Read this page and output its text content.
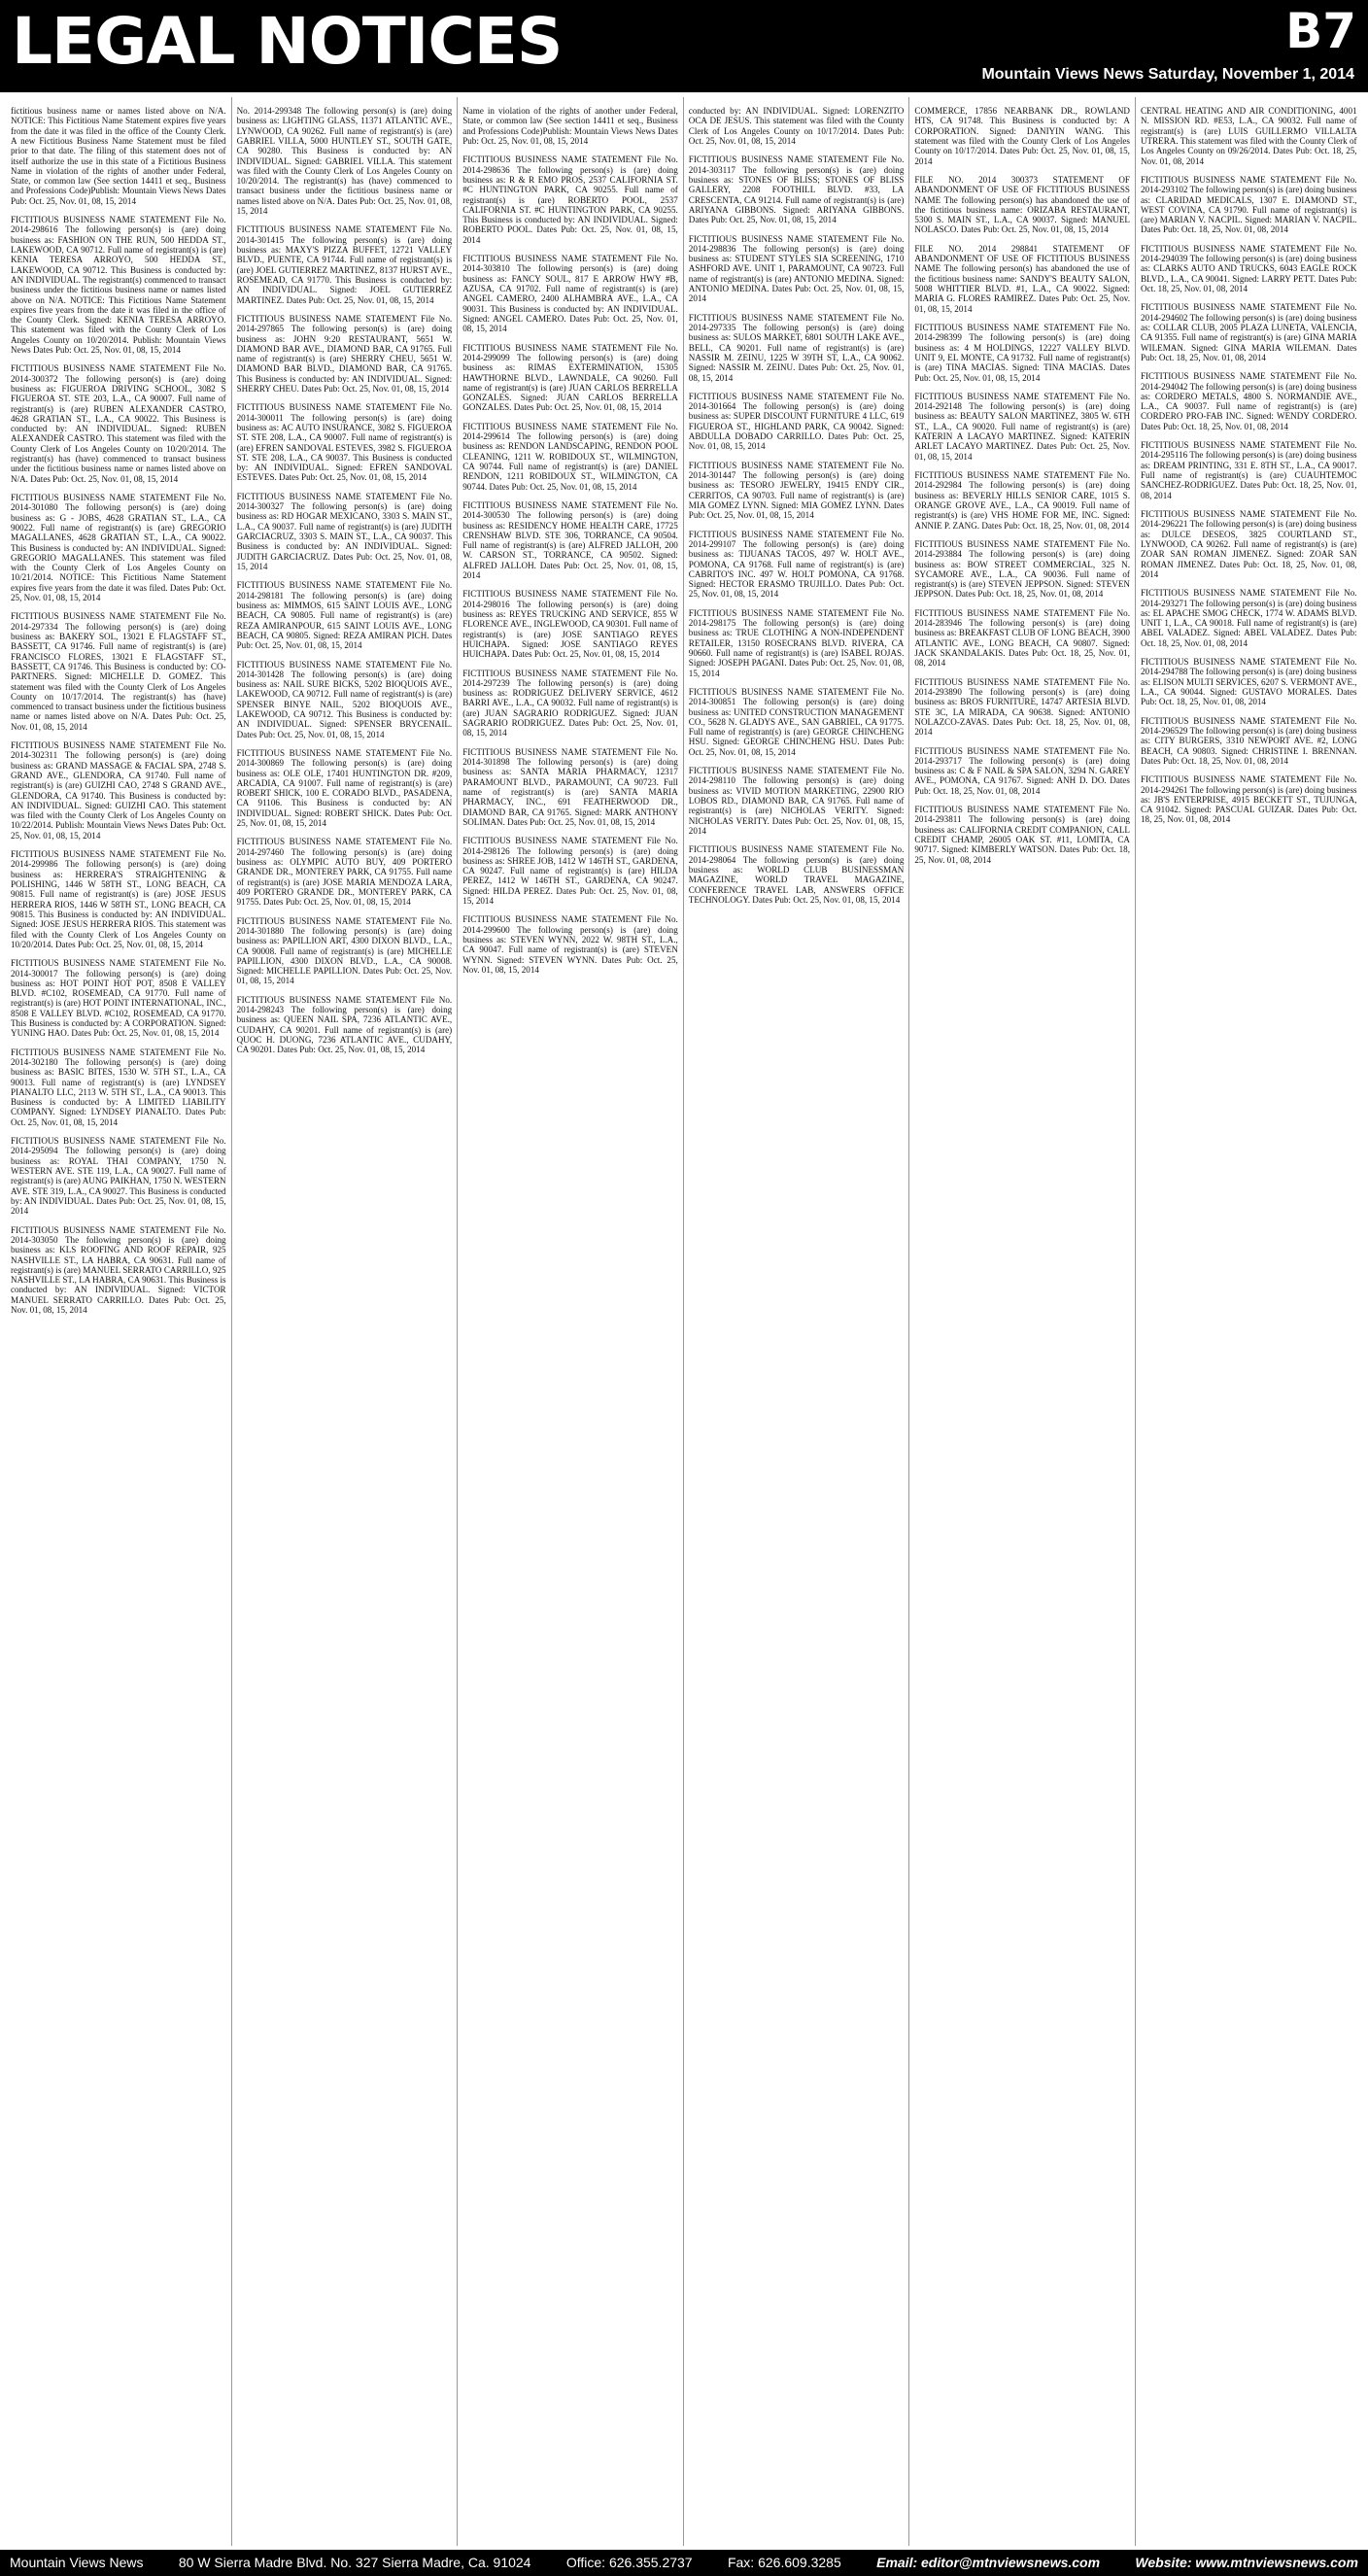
LEGAL NOTICES	B7
Mountain Views News Saturday, November 1, 2014

fictitious business name or names listed above on N/A. NOTICE: This Fictitious Name Statement expires five years from the date it was filed in the office of the County Clerk. A new Fictitious Business Name Statement must be filed prior to that date. The filing of this statement does not of itself authorize the use in this state of a Fictitious Business Name in violation of the rights of another under Federal, State, or common law (See section 14411 et seq., Business and Professions Code)Publish: Mountain Views News Dates Pub: Oct. 25, Nov. 01, 08, 15, 2014

FICTITIOUS BUSINESS NAME STATEMENT File No. 2014-298616 The following person(s) is (are) doing business as: FASHION ON THE RUN, 500 HEDDA ST., LAKEWOOD, CA 90712. Full name of registrant(s) is (are) KENIA TERESA ARROYO, 500 HEDDA ST., LAKEWOOD, CA 90712. This Business is conducted by: AN INDIVIDUAL. The registrant(s) commenced to transact business under the fictitious business name or names listed above on N/A. NOTICE: This Fictitious Name Statement expires five years from the date it was filed in the office of the County Clerk. Signed: KENIA TERESA ARROYO. This statement was filed with the County Clerk of Los Angeles County on 10/20/2014. Publish: Mountain Views News Dates Pub: Oct. 25, Nov. 01, 08, 15, 2014

FICTITIOUS BUSINESS NAME STATEMENT File No. 2014-300372 The following person(s) is (are) doing business as: FIGUEROA DRIVING SCHOOL, 3082 S FIGUEROA ST. STE 203, L.A., CA 90007. Full name of registrant(s) is (are) RUBEN ALEXANDER CASTRO, 4628 GRATIAN ST., L.A., CA 90022. This Business is conducted by: AN INDIVIDUAL. Signed: RUBEN ALEXANDER CASTRO. This statement was filed with the County Clerk of Los Angeles County on 10/20/2014. The registrant(s) has (have) commenced to transact business under the fictitious business name or names listed above on N/A. Dates Pub: Oct. 25, Nov. 01, 08, 15, 2014

FICTITIOUS BUSINESS NAME STATEMENT File No. 2014-301080 The following person(s) is (are) doing business as: G - JOBS, 4628 GRATIAN ST., L.A., CA 90022. Full name of registrant(s) is (are) GREGORIO MAGALLANES, 4628 GRATIAN ST., L.A., CA 90022. This Business is conducted by: AN INDIVIDUAL. Signed: GREGORIO MAGALLANES. This statement was filed with the County Clerk of Los Angeles County on 10/21/2014. NOTICE: This Fictitious Name Statement expires five years from the date it was filed. Dates Pub: Oct. 25, Nov. 01, 08, 15, 2014

FICTITIOUS BUSINESS NAME STATEMENT File No. 2014-297334 The following person(s) is (are) doing business as: BAKERY SOL, 13021 E FLAGSTAFF ST., BASSETT, CA 91746. Full name of registrant(s) is (are) FRANCISCO FLORES, 13021 E FLAGSTAFF ST., BASSETT, CA 91746. This Business is conducted by: CO-PARTNERS. Signed: MICHELLE D. GOMEZ. This statement was filed with the County Clerk of Los Angeles County on 10/17/2014. The registrant(s) has (have) commenced to transact business under the fictitious business name or names listed above on N/A. Dates Pub: Oct. 25, Nov. 01, 08, 15, 2014

FICTITIOUS BUSINESS NAME STATEMENT File No. 2014-302311 The following person(s) is (are) doing business as: GRAND MASSAGE & FACIAL SPA, 2748 S. GRAND AVE., GLENDORA, CA 91740. Full name of registrant(s) is (are) GUIZHI CAO, 2748 S GRAND AVE., GLENDORA, CA 91740. This Business is conducted by: AN INDIVIDUAL. Signed: GUIZHI CAO. This statement was filed with the County Clerk of Los Angeles County on 10/22/2014. Publish: Mountain Views News Dates Pub: Oct. 25, Nov. 01, 08, 15, 2014

FICTITIOUS BUSINESS NAME STATEMENT File No. 2014-299986 The following person(s) is (are) doing business as: HERRERA'S STRAIGHTENING & POLISHING, 1446 W 58TH ST., LONG BEACH, CA 90815. Full name of registrant(s) is (are) JOSE JESUS HERRERA RIOS, 1446 W 58TH ST., LONG BEACH, CA 90815. This Business is conducted by: AN INDIVIDUAL. Signed: JOSE JESUS HERRERA RIOS. This statement was filed with the County Clerk of Los Angeles County on 10/20/2014. Dates Pub: Oct. 25, Nov. 01, 08, 15, 2014

FICTITIOUS BUSINESS NAME STATEMENT File No. 2014-300017 The following person(s) is (are) doing business as: HOT POINT HOT POT, 8508 E VALLEY BLVD. #C102, ROSEMEAD, CA 91770. Full name of registrant(s) is (are) HOT POINT INTERNATIONAL, INC., 8508 E VALLEY BLVD. #C102, ROSEMEAD, CA 91770. This Business is conducted by: A CORPORATION. Signed: YUNING HAO. Dates Pub: Oct. 25, Nov. 01, 08, 15, 2014

FICTITIOUS BUSINESS NAME STATEMENT File No. 2014-302180 The following person(s) is (are) doing business as: BASIC BITES, 1530 W. 5TH ST., L.A., CA 90013. Full name of registrant(s) is (are) LYNDSEY PIANALTO LLC, 2113 W. 5TH ST., L.A., CA 90013. This Business is conducted by: A LIMITED LIABILITY COMPANY. Signed: LYNDSEY PIANALTO. Dates Pub: Oct. 25, Nov. 01, 08, 15, 2014

FICTITIOUS BUSINESS NAME STATEMENT File No. 2014-295094 The following person(s) is (are) doing business as: ROYAL THAI COMPANY, 1750 N. WESTERN AVE. STE 119, L.A., CA 90027. Full name of registrant(s) is (are) AUNG PAIKHAN, 1750 N. WESTERN AVE. STE 319, L.A., CA 90027. This Business is conducted by: AN INDIVIDUAL. Dates Pub: Oct. 25, Nov. 01, 08, 15, 2014

FICTITIOUS BUSINESS NAME STATEMENT File No. 2014-303050 The following person(s) is (are) doing business as: KLS ROOFING AND ROOF REPAIR, 925 NASHVILLE ST., LA HABRA, CA 90631. Full name of registrant(s) is (are) MANUEL SERRATO CARRILLO, 925 NASHVILLE ST., LA HABRA, CA 90631. This Business is conducted by: AN INDIVIDUAL. Signed: VICTOR MANUEL SERRATO CARRILLO. Dates Pub: Oct. 25, Nov. 01, 08, 15, 2014

No. 2014-299348 The following person(s) is (are) doing business as: LIGHTING GLASS, 11371 ATLANTIC AVE., LYNWOOD, CA 90262. Full name of registrant(s) is (are) GABRIEL VILLA, 5000 HUNTLEY ST., SOUTH GATE, CA 90280. This Business is conducted by: AN INDIVIDUAL. Signed: GABRIEL VILLA. This statement was filed with the County Clerk of Los Angeles County on 10/20/2014. The registrant(s) has (have) commenced to transact business under the fictitious business name or names listed above on N/A. Dates Pub: Oct. 25, Nov. 01, 08, 15, 2014

FICTITIOUS BUSINESS NAME STATEMENT File No. 2014-301415 The following person(s) is (are) doing business as: MAXY'S PIZZA BUFFET, 12721 VALLEY BLVD., PUENTE, CA 91744. Full name of registrant(s) is (are) JOEL GUTIERREZ MARTINEZ, 8137 HURST AVE., ROSEMEAD, CA 91770. This Business is conducted by: AN INDIVIDUAL. Signed: JOEL GUTIERREZ MARTINEZ. Dates Pub: Oct. 25, Nov. 01, 08, 15, 2014

FICTITIOUS BUSINESS NAME STATEMENT File No. 2014-297865 The following person(s) is (are) doing business as: JOHN 9:20 RESTAURANT, 5651 W. DIAMOND BAR AVE., DIAMOND BAR, CA 91765. Full name of registrant(s) is (are) SHERRY CHEU, 5651 W. DIAMOND BAR BLVD., DIAMOND BAR, CA 91765. This Business is conducted by: AN INDIVIDUAL. Signed: SHERRY CHEU. Dates Pub: Oct. 25, Nov. 01, 08, 15, 2014

FICTITIOUS BUSINESS NAME STATEMENT File No. 2014-300011 The following person(s) is (are) doing business as: AC AUTO INSURANCE, 3082 S. FIGUEROA ST. STE 208, L.A., CA 90007. Full name of registrant(s) is (are) EFREN SANDOVAL ESTEVES, 3982 S. FIGUEROA ST. STE 208, L.A., CA 90037. This Business is conducted by: AN INDIVIDUAL. Signed: EFREN SANDOVAL ESTEVES. Dates Pub: Oct. 25, Nov. 01, 08, 15, 2014

FICTITIOUS BUSINESS NAME STATEMENT File No. 2014-300327 The following person(s) is (are) doing business as: RD HOGAR MEXICANO, 3303 S. MAIN ST., L.A., CA 90037. Full name of registrant(s) is (are) JUDITH GARCIACRUZ, 3303 S. MAIN ST., L.A., CA 90037. This Business is conducted by: AN INDIVIDUAL. Signed: JUDITH GARCIACRUZ. Dates Pub: Oct. 25, Nov. 01, 08, 15, 2014

FICTITIOUS BUSINESS NAME STATEMENT File No. 2014-298181 The following person(s) is (are) doing business as: MIMMOS, 615 SAINT LOUIS AVE., LONG BEACH, CA 90805. Full name of registrant(s) is (are) REZA AMIRANPOUR, 615 SAINT LOUIS AVE., LONG BEACH, CA 90805. Signed: REZA AMIRAN PICH. Dates Pub: Oct. 25, Nov. 01, 08, 15, 2014

FICTITIOUS BUSINESS NAME STATEMENT File No. 2014-301428 The following person(s) is (are) doing business as: NAIL SURE BICKS, 5202 BIOQUOIS AVE., LAKEWOOD, CA 90712. Full name of registrant(s) is (are) SPENSER BINYE NAIL, 5202 BIOQUOIS AVE., LAKEWOOD, CA 90712. This Business is conducted by: AN INDIVIDUAL. Signed: SPENSER BRYCENAIL. Dates Pub: Oct. 25, Nov. 01, 08, 15, 2014

FICTITIOUS BUSINESS NAME STATEMENT File No. 2014-300869 The following person(s) is (are) doing business as: OLE OLE, 17401 HUNTINGTON DR. #209, ARCADIA, CA 91007. Full name of registrant(s) is (are) ROBERT SHICK, 100 E. CORADO BLVD., PASADENA, CA 91106. This Business is conducted by: AN INDIVIDUAL. Signed: ROBERT SHICK. Dates Pub: Oct. 25, Nov. 01, 08, 15, 2014

FICTITIOUS BUSINESS NAME STATEMENT File No. 2014-297460 The following person(s) is (are) doing business as: OLYMPIC AUTO BUY, 409 PORTERO GRANDE DR., MONTEREY PARK, CA 91755. Full name of registrant(s) is (are) JOSE MARIA MENDOZA LARA, 409 PORTERO GRANDE DR., MONTEREY PARK, CA 91755. Dates Pub: Oct. 25, Nov. 01, 08, 15, 2014

FICTITIOUS BUSINESS NAME STATEMENT File No. 2014-301880 The following person(s) is (are) doing business as: PAPILLION ART, 4300 DIXON BLVD., L.A., CA 90008. Full name of registrant(s) is (are) MICHELLE PAPILLION, 4300 DIXON BLVD., L.A., CA 90008. Signed: MICHELLE PAPILLION. Dates Pub: Oct. 25, Nov. 01, 08, 15, 2014

FICTITIOUS BUSINESS NAME STATEMENT File No. 2014-298243 The following person(s) is (are) doing business as: QUEEN NAIL SPA, 7236 ATLANTIC AVE., CUDAHY, CA 90201. Full name of registrant(s) is (are) QUOC H. DUONG, 7236 ATLANTIC AVE., CUDAHY, CA 90201. Dates Pub: Oct. 25, Nov. 01, 08, 15, 2014

Name in violation of the rights of another under Federal, State, or common law (See section 14411 et seq., Business and Professions Code)Publish: Mountain Views News Dates Pub: Oct. 25, Nov. 01, 08, 15, 2014

FICTITIOUS BUSINESS NAME STATEMENT File No. 2014-298636 The following person(s) is (are) doing business as: R & R EMO PROS, 2537 CALIFORNIA ST. #C HUNTINGTON PARK, CA 90255. Full name of registrant(s) is (are) ROBERTO POOL, 2537 CALIFORNIA ST. #C HUNTINGTON PARK, CA 90255. This Business is conducted by: AN INDIVIDUAL. Signed: ROBERTO POOL. Dates Pub: Oct. 25, Nov. 01, 08, 15, 2014

FICTITIOUS BUSINESS NAME STATEMENT File No. 2014-303810 The following person(s) is (are) doing business as: FANCY SOUL, 817 E ARROW HWY #B, AZUSA, CA 91702. Full name of registrant(s) is (are) ANGEL CAMERO, 2400 ALHAMBRA AVE., L.A., CA 90031. This Business is conducted by: AN INDIVIDUAL. Signed: ANGEL CAMERO. Dates Pub: Oct. 25, Nov. 01, 08, 15, 2014

FICTITIOUS BUSINESS NAME STATEMENT File No. 2014-299099 The following person(s) is (are) doing business as: RIMAS EXTERMINATION, 15305 HAWTHORNE BLVD., LAWNDALE, CA 90260. Full name of registrant(s) is (are) JUAN CARLOS BERRELLA GONZALES. Signed: JUAN CARLOS BERRELLA GONZALES. Dates Pub: Oct. 25, Nov. 01, 08, 15, 2014

FICTITIOUS BUSINESS NAME STATEMENT File No. 2014-299614 The following person(s) is (are) doing business as: RENDON LANDSCAPING, RENDON POOL CLEANING, 1211 W. ROBIDOUX ST., WILMINGTON, CA 90744. Full name of registrant(s) is (are) DANIEL RENDON, 1211 ROBIDOUX ST., WILMINGTON, CA 90744. Dates Pub: Oct. 25, Nov. 01, 08, 15, 2014

FICTITIOUS BUSINESS NAME STATEMENT File No. 2014-300530 The following person(s) is (are) doing business as: RESIDENCY HOME HEALTH CARE, 17725 CRENSHAW BLVD. STE 306, TORRANCE, CA 90504. Full name of registrant(s) is (are) ALFRED JALLOH, 200 W. CARSON ST., TORRANCE, CA 90502. Signed: ALFRED JALLOH. Dates Pub: Oct. 25, Nov. 01, 08, 15, 2014

FICTITIOUS BUSINESS NAME STATEMENT File No. 2014-298016 The following person(s) is (are) doing business as: REYES TRUCKING AND SERVICE, 855 W FLORENCE AVE., INGLEWOOD, CA 90301. Full name of registrant(s) is (are) JOSE SANTIAGO REYES HUICHAPA. Signed: JOSE SANTIAGO REYES HUICHAPA. Dates Pub: Oct. 25, Nov. 01, 08, 15, 2014

FICTITIOUS BUSINESS NAME STATEMENT File No. 2014-297239 The following person(s) is (are) doing business as: RODRIGUEZ DELIVERY SERVICE, 4612 BARRI AVE., L.A., CA 90032. Full name of registrant(s) is (are) JUAN SAGRARIO RODRIGUEZ. Signed: JUAN SAGRARIO RODRIGUEZ. Dates Pub: Oct. 25, Nov. 01, 08, 15, 2014

FICTITIOUS BUSINESS NAME STATEMENT File No. 2014-301898 The following person(s) is (are) doing business as: SANTA MARIA PHARMACY, 12317 PARAMOUNT BLVD., PARAMOUNT, CA 90723. Full name of registrant(s) is (are) SANTA MARIA PHARMACY, INC., 691 FEATHERWOOD DR., DIAMOND BAR, CA 91765. Signed: MARK ANTHONY SOLIMAN. Dates Pub: Oct. 25, Nov. 01, 08, 15, 2014

FICTITIOUS BUSINESS NAME STATEMENT File No. 2014-298126 The following person(s) is (are) doing business as: SHREE JOB, 1412 W 146TH ST., GARDENA, CA 90247. Full name of registrant(s) is (are) HILDA PEREZ, 1412 W 146TH ST., GARDENA, CA 90247. Signed: HILDA PEREZ. Dates Pub: Oct. 25, Nov. 01, 08, 15, 2014

FICTITIOUS BUSINESS NAME STATEMENT File No. 2014-299600 The following person(s) is (are) doing business as: STEVEN WYNN, 2022 W. 98TH ST., L.A., CA 90047. Full name of registrant(s) is (are) STEVEN WYNN. Signed: STEVEN WYNN. Dates Pub: Oct. 25, Nov. 01, 08, 15, 2014

conducted by: AN INDIVIDUAL. Signed: LORENZITO OCA DE JESUS. This statement was filed with the County Clerk of Los Angeles County on 10/17/2014. Dates Pub: Oct. 25, Nov. 01, 08, 15, 2014

FICTITIOUS BUSINESS NAME STATEMENT File No. 2014-303117 The following person(s) is (are) doing business as: STONES OF BLISS; STONES OF BLISS GALLERY, 2208 FOOTHILL BLVD. #33, LA CRESCENTA, CA 91214. Full name of registrant(s) is (are) ARIYANA GIBBONS. Signed: ARIYANA GIBBONS. Dates Pub: Oct. 25, Nov. 01, 08, 15, 2014

FICTITIOUS BUSINESS NAME STATEMENT File No. 2014-298836 The following person(s) is (are) doing business as: STUDENT STYLES SIA SCREENING, 1710 ASHFORD AVE. UNIT 1, PARAMOUNT, CA 90723. Full name of registrant(s) is (are) ANTONIO MEDINA. Signed: ANTONIO MEDINA. Dates Pub: Oct. 25, Nov. 01, 08, 15, 2014

FICTITIOUS BUSINESS NAME STATEMENT File No. 2014-297335 The following person(s) is (are) doing business as: SULOS MARKET, 6801 SOUTH LAKE AVE., BELL, CA 90201. Full name of registrant(s) is (are) NASSIR M. ZEINU, 1225 W 39TH ST, L.A., CA 90062. Signed: NASSIR M. ZEINU. Dates Pub: Oct. 25, Nov. 01, 08, 15, 2014

FICTITIOUS BUSINESS NAME STATEMENT File No. 2014-301664 The following person(s) is (are) doing business as: SUPER DISCOUNT FURNITURE 4 LLC, 619 FIGUEROA ST., HIGHLAND PARK, CA 90042. Signed: ABDULLA DOBADO CARRILLO. Dates Pub: Oct. 25, Nov. 01, 08, 15, 2014

FICTITIOUS BUSINESS NAME STATEMENT File No. 2014-301447 The following person(s) is (are) doing business as: TESORO JEWELRY, 19415 ENDY CIR., CERRITOS, CA 90703. Full name of registrant(s) is (are) MIA GOMEZ LYNN. Signed: MIA GOMEZ LYNN. Dates Pub: Oct. 25, Nov. 01, 08, 15, 2014

FICTITIOUS BUSINESS NAME STATEMENT File No. 2014-299107 The following person(s) is (are) doing business as: TIJUANAS TACOS, 497 W. HOLT AVE., POMONA, CA 91768. Full name of registrant(s) is (are) CABRITO'S INC. 497 W. HOLT POMONA, CA 91768. Signed: HECTOR ERASMO TRUJILLO. Dates Pub: Oct. 25, Nov. 01, 08, 15, 2014

FICTITIOUS BUSINESS NAME STATEMENT File No. 2014-298175 The following person(s) is (are) doing business as: TRUE CLOTHING A NON-INDEPENDENT RETAILER, 13150 ROSECRANS BLVD. RIVERA, CA 90660. Full name of registrant(s) is (are) ISABEL ROJAS. Signed: JOSEPH PAGANI. Dates Pub: Oct. 25, Nov. 01, 08, 15, 2014

FICTITIOUS BUSINESS NAME STATEMENT File No. 2014-300851 The following person(s) is (are) doing business as: UNITED CONSTRUCTION MANAGEMENT CO., 5628 N. GLADYS AVE., SAN GABRIEL, CA 91775. Full name of registrant(s) is (are) GEORGE CHINCHENG HSU. Signed: GEORGE CHINCHENG HSU. Dates Pub: Oct. 25, Nov. 01, 08, 15, 2014

FICTITIOUS BUSINESS NAME STATEMENT File No. 2014-298110 The following person(s) is (are) doing business as: VIVID MOTION MARKETING, 22900 RIO LOBOS RD., DIAMOND BAR, CA 91765. Full name of registrant(s) is (are) NICHOLAS VERITY. Signed: NICHOLAS VERITY. Dates Pub: Oct. 25, Nov. 01, 08, 15, 2014

FICTITIOUS BUSINESS NAME STATEMENT File No. 2014-298064 The following person(s) is (are) doing business as: WORLD CLUB BUSINESSMAN MAGAZINE, WORLD TRAVEL MAGAZINE, CONFERENCE TRAVEL LAB, ANSWERS OFFICE TECHNOLOGY. Dates Pub: Oct. 25, Nov. 01, 08, 15, 2014

COMMERCE, 17856 NEARBANK DR., ROWLAND HTS, CA 91748. This Business is conducted by: A CORPORATION. Signed: DANIYIN WANG. This statement was filed with the County Clerk of Los Angeles County on 10/17/2014. Dates Pub: Oct. 25, Nov. 01, 08, 15, 2014

FILE NO. 2014 300373 STATEMENT OF ABANDONMENT OF USE OF FICTITIOUS BUSINESS NAME The following person(s) has abandoned the use of the fictitious business name: ORIZABA RESTAURANT, 5300 S. MAIN ST., L.A., CA 90037. Signed: MANUEL NOLASCO. Dates Pub: Oct. 25, Nov. 01, 08, 15, 2014

FILE NO. 2014 298841 STATEMENT OF ABANDONMENT OF USE OF FICTITIOUS BUSINESS NAME The following person(s) has abandoned the use of the fictitious business name: SANDY'S BEAUTY SALON, 5008 WHITTIER BLVD. #1, L.A., CA 90022. Signed: MARIA G. FLORES RAMIREZ. Dates Pub: Oct. 25, Nov. 01, 08, 15, 2014

FICTITIOUS BUSINESS NAME STATEMENT File No. 2014-298399 The following person(s) is (are) doing business as: 4 M HOLDINGS, 12227 VALLEY BLVD. UNIT 9, EL MONTE, CA 91732. Full name of registrant(s) is (are) TINA MACIAS. Signed: TINA MACIAS. Dates Pub: Oct. 25, Nov. 01, 08, 15, 2014

FICTITIOUS BUSINESS NAME STATEMENT File No. 2014-292148 The following person(s) is (are) doing business as: BEAUTY SALON MARTINEZ, 3805 W. 6TH ST., L.A., CA 90020. Full name of registrant(s) is (are) KATERIN A LACAYO MARTINEZ. Signed: KATERIN ARLET LACAYO MARTINEZ. Dates Pub: Oct. 25, Nov. 01, 08, 15, 2014

FICTITIOUS BUSINESS NAME STATEMENT File No. 2014-292984 The following person(s) is (are) doing business as: BEVERLY HILLS SENIOR CARE, 1015 S. ORANGE GROVE AVE., L.A., CA 90019. Full name of registrant(s) is (are) VHS HOME FOR ME, INC. Signed: ANNIE P. ZANG. Dates Pub: Oct. 18, 25, Nov. 01, 08, 2014

FICTITIOUS BUSINESS NAME STATEMENT File No. 2014-293884 The following person(s) is (are) doing business as: BOW STREET COMMERCIAL, 325 N. SYCAMORE AVE., L.A., CA 90036. Full name of registrant(s) is (are) STEVEN JEPPSON. Signed: STEVEN JEPPSON. Dates Pub: Oct. 18, 25, Nov. 01, 08, 2014

FICTITIOUS BUSINESS NAME STATEMENT File No. 2014-283946 The following person(s) is (are) doing business as: BREAKFAST CLUB OF LONG BEACH, 3900 ATLANTIC AVE., LONG BEACH, CA 90807. Signed: JACK SKANDALAKIS. Dates Pub: Oct. 18, 25, Nov. 01, 08, 2014

FICTITIOUS BUSINESS NAME STATEMENT File No. 2014-293890 The following person(s) is (are) doing business as: BROS FURNITURE, 14747 ARTESIA BLVD. STE 3C, LA MIRADA, CA 90638. Signed: ANTONIO NOLAZCO-ZAVAS. Dates Pub: Oct. 18, 25, Nov. 01, 08, 2014

FICTITIOUS BUSINESS NAME STATEMENT File No. 2014-293717 The following person(s) is (are) doing business as: C & F NAIL & SPA SALON, 3294 N. GAREY AVE., POMONA, CA 91767. Signed: ANH D. DO. Dates Pub: Oct. 18, 25, Nov. 01, 08, 2014

FICTITIOUS BUSINESS NAME STATEMENT File No. 2014-293811 The following person(s) is (are) doing business as: CALIFORNIA CREDIT COMPANION, CALL CREDIT CHAMP, 26005 OAK ST. #11, LOMITA, CA 90717. Signed: KIMBERLY WATSON. Dates Pub: Oct. 18, 25, Nov. 01, 08, 2014

CENTRAL HEATING AND AIR CONDITIONING, 4001 N. MISSION RD. #E53, L.A., CA 90032. Full name of registrant(s) is (are) LUIS GUILLERMO VILLALTA UTRERA. This statement was filed with the County Clerk of Los Angeles County on 09/26/2014. Dates Pub: Oct. 18, 25, Nov. 01, 08, 2014

FICTITIOUS BUSINESS NAME STATEMENT File No. 2014-293102 The following person(s) is (are) doing business as: CLARIDAD MEDICALS, 1307 E. DIAMOND ST., WEST COVINA, CA 91790. Full name of registrant(s) is (are) MARIAN V. NACPIL. Signed: MARIAN V. NACPIL. Dates Pub: Oct. 18, 25, Nov. 01, 08, 2014

FICTITIOUS BUSINESS NAME STATEMENT File No. 2014-294039 The following person(s) is (are) doing business as: CLARKS AUTO AND TRUCKS, 6043 EAGLE ROCK BLVD., L.A., CA 90041. Signed: LARRY PETT. Dates Pub: Oct. 18, 25, Nov. 01, 08, 2014

FICTITIOUS BUSINESS NAME STATEMENT File No. 2014-294602 The following person(s) is (are) doing business as: COLLAR CLUB, 2005 PLAZA LUNETA, VALENCIA, CA 91355. Full name of registrant(s) is (are) GINA MARIA WILEMAN. Signed: GINA MARIA WILEMAN. Dates Pub: Oct. 18, 25, Nov. 01, 08, 2014

FICTITIOUS BUSINESS NAME STATEMENT File No. 2014-294042 The following person(s) is (are) doing business as: CORDERO METALS, 4800 S. NORMANDIE AVE., L.A., CA 90037. Full name of registrant(s) is (are) CORDERO PRO-FAB INC. Signed: WENDY CORDERO. Dates Pub: Oct. 18, 25, Nov. 01, 08, 2014

FICTITIOUS BUSINESS NAME STATEMENT File No. 2014-295116 The following person(s) is (are) doing business as: DREAM PRINTING, 331 E. 8TH ST., L.A., CA 90017. Full name of registrant(s) is (are) CUAUHTEMOC SANCHEZ-RODRIGUEZ. Dates Pub: Oct. 18, 25, Nov. 01, 08, 2014

FICTITIOUS BUSINESS NAME STATEMENT File No. 2014-296221 The following person(s) is (are) doing business as: DULCE DESEOS, 3825 COURTLAND ST., LYNWOOD, CA 90262. Full name of registrant(s) is (are) ZOAR SAN ROMAN JIMENEZ. Signed: ZOAR SAN ROMAN JIMENEZ. Dates Pub: Oct. 18, 25, Nov. 01, 08, 2014

FICTITIOUS BUSINESS NAME STATEMENT File No. 2014-293271 The following person(s) is (are) doing business as: EL APACHE SMOG CHECK, 1774 W. ADAMS BLVD. UNIT 1, L.A., CA 90018. Full name of registrant(s) is (are) ABEL VALADEZ. Signed: ABEL VALADEZ. Dates Pub: Oct. 18, 25, Nov. 01, 08, 2014

FICTITIOUS BUSINESS NAME STATEMENT File No. 2014-294788 The following person(s) is (are) doing business as: ELISON MULTI SERVICES, 6207 S. VERMONT AVE., L.A., CA 90044. Signed: GUSTAVO MORALES. Dates Pub: Oct. 18, 25, Nov. 01, 08, 2014

FICTITIOUS BUSINESS NAME STATEMENT File No. 2014-296529 The following person(s) is (are) doing business as: CITY BURGERS, 3310 NEWPORT AVE. #2, LONG BEACH, CA 90803. Signed: CHRISTINE I. BRENNAN. Dates Pub: Oct. 18, 25, Nov. 01, 08, 2014

FICTITIOUS BUSINESS NAME STATEMENT File No. 2014-294261 The following person(s) is (are) doing business as: JB'S ENTERPRISE, 4915 BECKETT ST., TUJUNGA, CA 91042. Signed: PASCUAL GUIZAR. Dates Pub: Oct. 18, 25, Nov. 01, 08, 2014

Mountain Views News	80 W Sierra Madre Blvd. No. 327 Sierra Madre, Ca. 91024	Office: 626.355.2737	Fax: 626.609.3285	Email: editor@mtnviewsnews.com	Website: www.mtnviewsnews.com
